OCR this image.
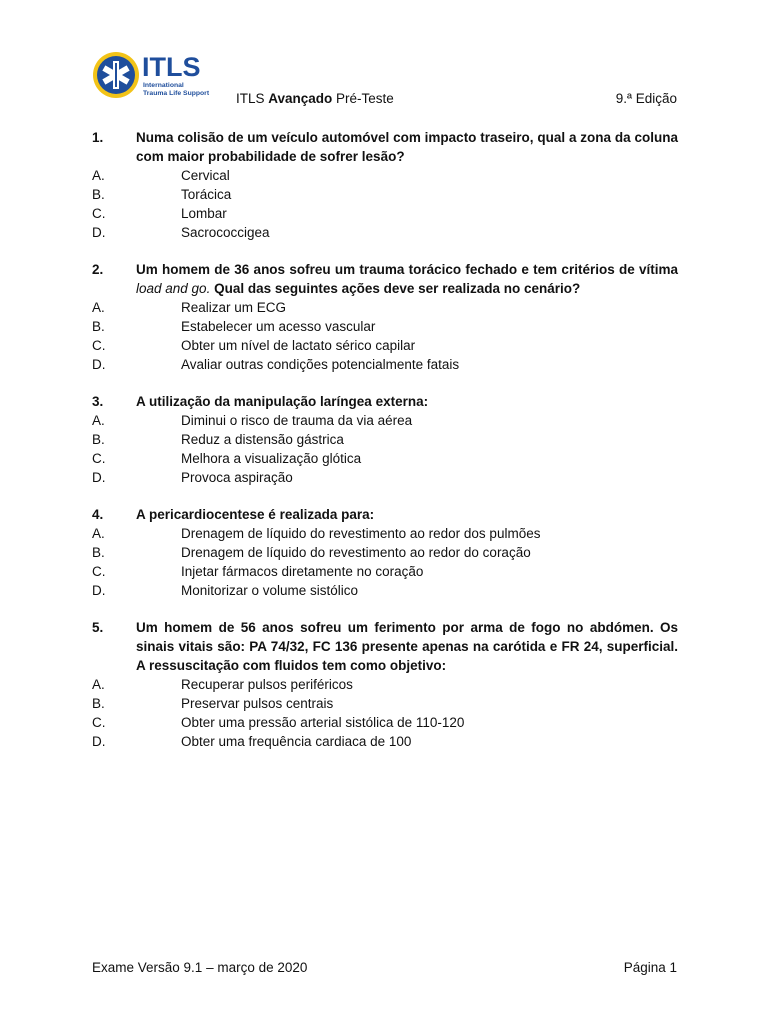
ITLS
International
Trauma Life Support ITLS Avançado Pré-Teste	9.ª Edição
1.	Numa colisão de um veículo automóvel com impacto traseiro, qual a zona da coluna com maior probabilidade de sofrer lesão?
A.	Cervical
B.	Torácica
C.	Lombar
D.	Sacrococcigea
2.	Um homem de 36 anos sofreu um trauma torácico fechado e tem critérios de vítima load and go. Qual das seguintes ações deve ser realizada no cenário?
A.	Realizar um ECG
B.	Estabelecer um acesso vascular
C.	Obter um nível de lactato sérico capilar
D.	Avaliar outras condições potencialmente fatais
3.	A utilização da manipulação laríngea externa:
A.	Diminui o risco de trauma da via aérea
B.	Reduz a distensão gástrica
C.	Melhora a visualização glótica
D.	Provoca aspiração
4.	A pericardiocentese é realizada para:
A.	Drenagem de líquido do revestimento ao redor dos pulmões
B.	Drenagem de líquido do revestimento ao redor do coração
C.	Injetar fármacos diretamente no coração
D.	Monitorizar o volume sistólico
5.	Um homem de 56 anos sofreu um ferimento por arma de fogo no abdómen. Os sinais vitais são: PA 74/32, FC 136 presente apenas na carótida e FR 24, superficial. A ressuscitação com fluidos tem como objetivo:
A.	Recuperar pulsos periféricos
B.	Preservar pulsos centrais
C.	Obter uma pressão arterial sistólica de 110-120
D.	Obter uma frequência cardiaca de 100
Exame Versão 9.1 – março de 2020	Página 1
